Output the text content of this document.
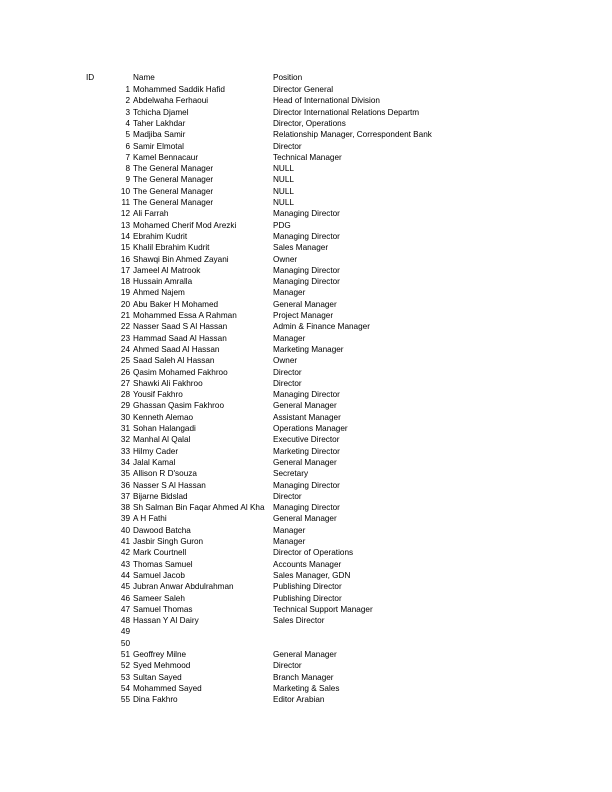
ID	Name	Position
1 Mohammed Saddik Hafid	Director General
2 Abdelwaha Ferhaoui	Head of International Division
3 Tchicha Djamel	Director International Relations Departm
4 Taher Lakhdar	Director, Operations
5 Madjiba Samir	Relationship Manager, Correspondent Bank
6 Samir Elmotal	Director
7 Kamel Bennacaur	Technical Manager
8 The General Manager	NULL
9 The General Manager	NULL
10 The General Manager	NULL
11 The General Manager	NULL
12 Ali Farrah	Managing Director
13 Mohamed Cherif Mod Arezki	PDG
14 Ebrahim Kudrit	Managing Director
15 Khalil Ebrahim Kudrit	Sales Manager
16 Shawqi Bin Ahmed Zayani	Owner
17 Jameel Al Matrook	Managing Director
18 Hussain Amralla	Managing Director
19 Ahmed Najem	Manager
20 Abu Baker H Mohamed	General Manager
21 Mohammed Essa A Rahman	Project Manager
22 Nasser Saad S Al Hassan	Admin & Finance Manager
23 Hammad Saad Al Hassan	Manager
24 Ahmed Saad Al Hassan	Marketing Manager
25 Saad Saleh Al Hassan	Owner
26 Qasim Mohamed Fakhroo	Director
27 Shawki Ali Fakhroo	Director
28 Yousif Fakhro	Managing Director
29 Ghassan Qasim Fakhroo	General Manager
30 Kenneth Alemao	Assistant Manager
31 Sohan Halangadi	Operations Manager
32 Manhal Al Qalal	Executive Director
33 Hilmy Cader	Marketing Director
34 Jalal Kamal	General Manager
35 Allison R D'souza	Secretary
36 Nasser S Al Hassan	Managing Director
37 Bijarne Bidslad	Director
38 Sh Salman Bin Faqar Ahmed Al Kha	Managing Director
39 A H Fathi	General Manager
40 Dawood Batcha	Manager
41 Jasbir Singh Guron	Manager
42 Mark Courtnell	Director of Operations
43 Thomas Samuel	Accounts Manager
44 Samuel Jacob	Sales Manager, GDN
45 Jubran Anwar Abdulrahman	Publishing Director
46 Sameer Saleh	Publishing Director
47 Samuel Thomas	Technical Support Manager
48 Hassan Y Al Dairy	Sales Director
49
50
51 Geoffrey Milne	General Manager
52 Syed Mehmood	Director
53 Sultan Sayed	Branch Manager
54 Mohammed Sayed	Marketing & Sales
55 Dina Fakhro	Editor Arabian
